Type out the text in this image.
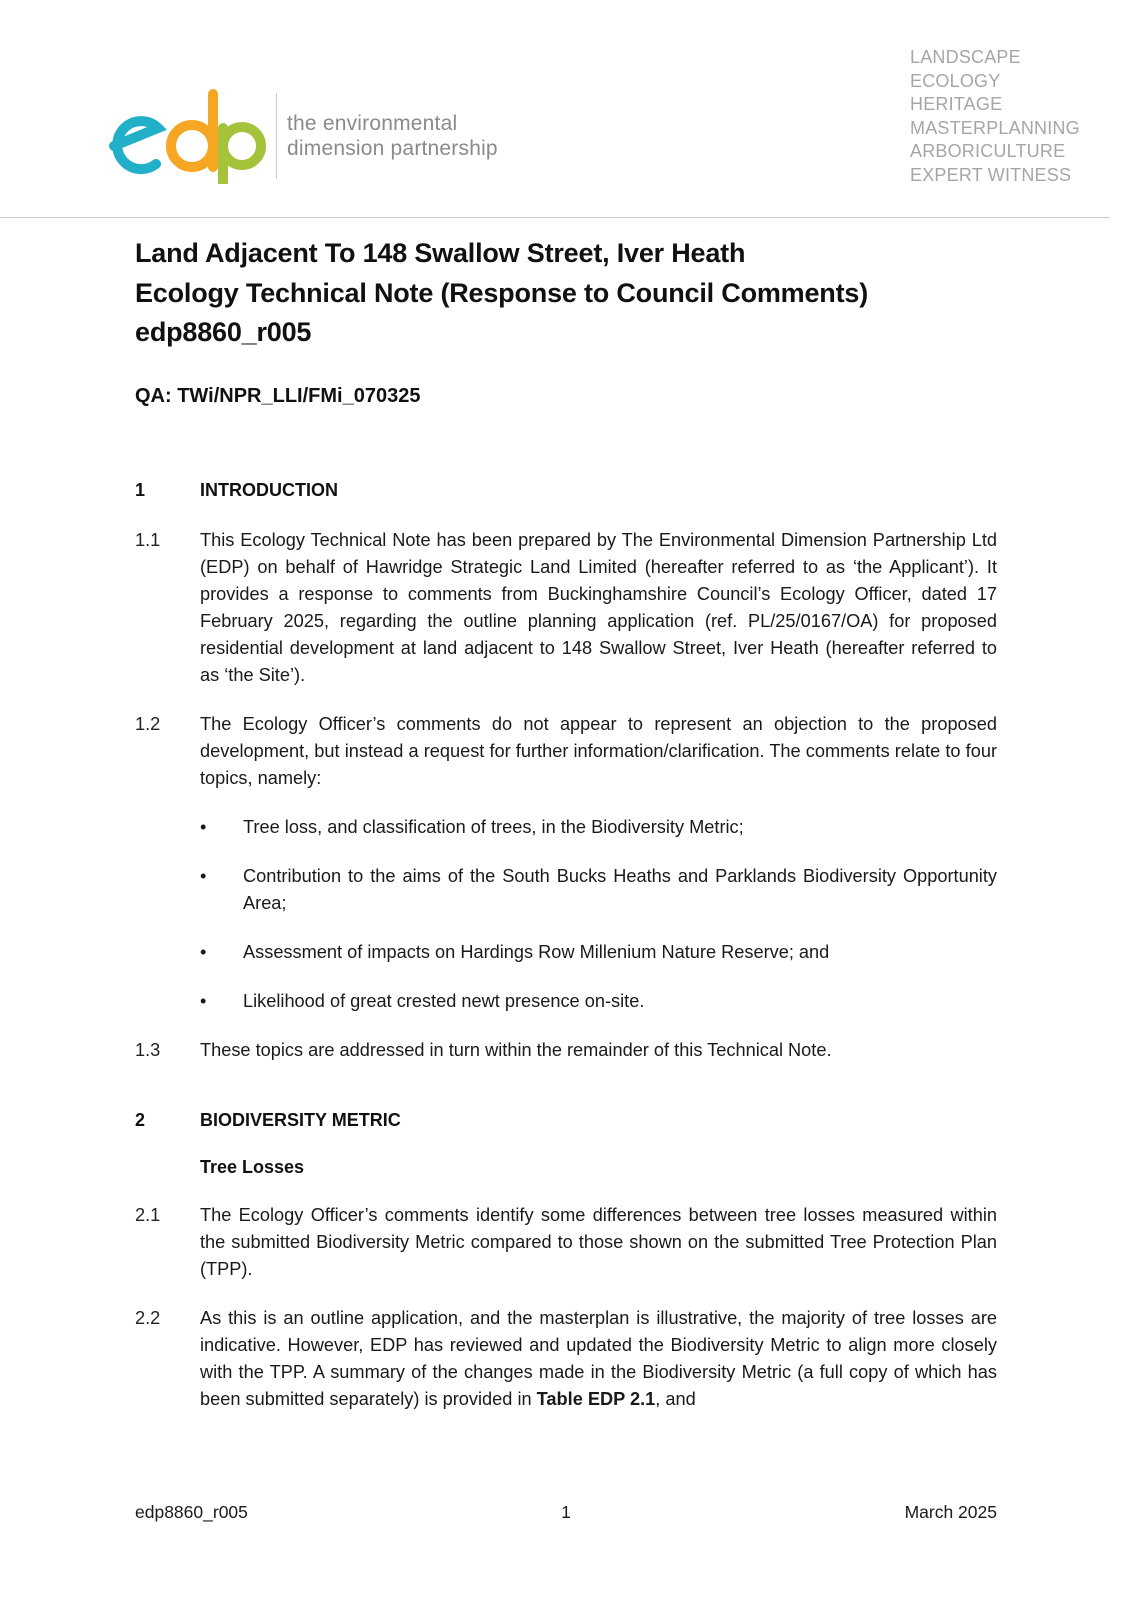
the environmental
dimension partnership
LANDSCAPE
ECOLOGY
HERITAGE
MASTERPLANNING
ARBORICULTURE
EXPERT WITNESS
Land Adjacent To 148 Swallow Street, Iver Heath
Ecology Technical Note (Response to Council Comments)
edp8860_r005
QA: TWi/NPR_LLI/FMi_070325
1	INTRODUCTION
1.1	This Ecology Technical Note has been prepared by The Environmental Dimension Partnership Ltd (EDP) on behalf of Hawridge Strategic Land Limited (hereafter referred to as ‘the Applicant’). It provides a response to comments from Buckinghamshire Council’s Ecology Officer, dated 17 February 2025, regarding the outline planning application (ref. PL/25/0167/OA) for proposed residential development at land adjacent to 148 Swallow Street, Iver Heath (hereafter referred to as ‘the Site’).
1.2	The Ecology Officer’s comments do not appear to represent an objection to the proposed development, but instead a request for further information/clarification. The comments relate to four topics, namely:
•	Tree loss, and classification of trees, in the Biodiversity Metric;
•	Contribution to the aims of the South Bucks Heaths and Parklands Biodiversity Opportunity Area;
•	Assessment of impacts on Hardings Row Millenium Nature Reserve; and
•	Likelihood of great crested newt presence on-site.
1.3	These topics are addressed in turn within the remainder of this Technical Note.
2	BIODIVERSITY METRIC
Tree Losses
2.1	The Ecology Officer’s comments identify some differences between tree losses measured within the submitted Biodiversity Metric compared to those shown on the submitted Tree Protection Plan (TPP).
2.2	As this is an outline application, and the masterplan is illustrative, the majority of tree losses are indicative. However, EDP has reviewed and updated the Biodiversity Metric to align more closely with the TPP. A summary of the changes made in the Biodiversity Metric (a full copy of which has been submitted separately) is provided in Table EDP 2.1, and
edp8860_r005	1	March 2025
